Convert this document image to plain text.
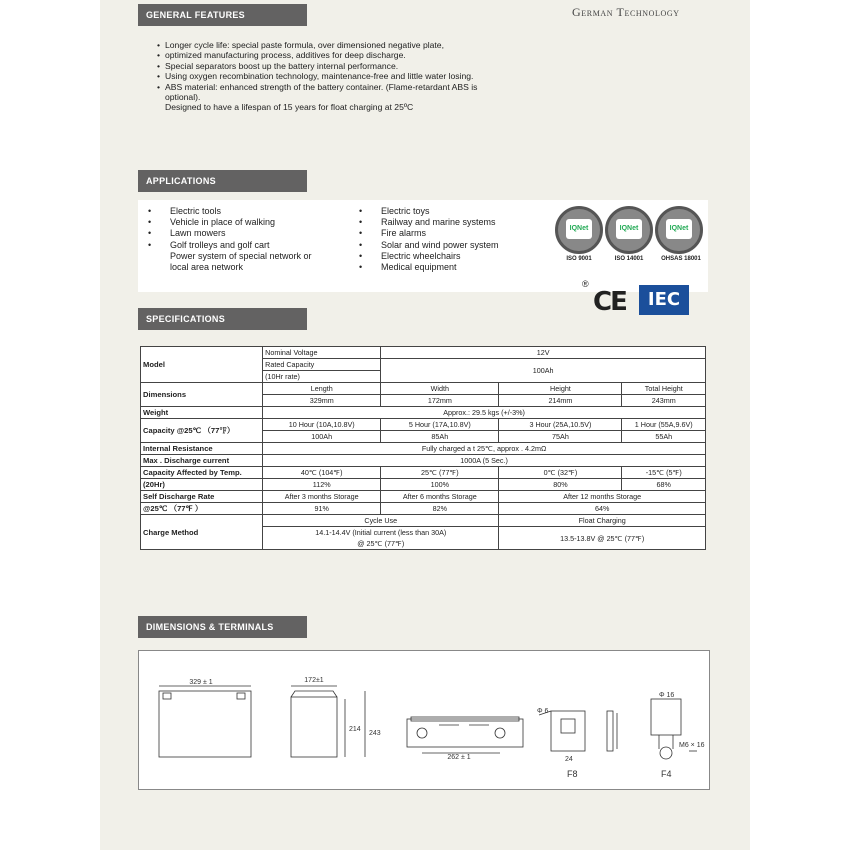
German Technology
GENERAL FEATURES
• Longer cycle life: special paste formula, over dimensioned negative plate,
• optimized manufacturing process, additives for deep discharge.
• Special separators boost up the battery internal performance.
• Using oxygen recombination technology, maintenance-free and little water losing.
• ABS material: enhanced strength of the battery container. (Flame-retardant ABS is
optional).
Designed to have a lifespan of 15 years for float charging at 25ºC
APPLICATIONS
• Electric tools
• Vehicle in place of walking
• Lawn mowers
• Golf trolleys and golf cart
Power system of special network or
local area network
• Electric toys
• Railway and marine systems
• Fire alarms
• Solar and wind power system
• Electric wheelchairs
• Medical equipment
IQNet	IQNet	IQNet
ISO 9001	ISO 14001	OHSAS 18001
®
CE	IEC
SPECIFICATIONS
Model	Nominal Voltage	12V		
	Rated Capacity	100Ah		
	(10Hr rate)			
Dimensions	Length	Width	Height	Total Height
	329mm	172mm	214mm	243mm
Weight	Approx.: 29.5 kgs (+/-3%)			
Capacity @25℃ （77℉）	10 Hour (10A,10.8V)	5 Hour (17A,10.8V)	3 Hour (25A,10.5V)	1 Hour (55A,9.6V)
	100Ah	85Ah	75Ah	55Ah
Internal Resistance	Fully charged a t 25℃, approx . 4.2mΩ			
Max . Discharge current	1000A (5 Sec.)			
Capacity Affected by Temp.	40℃ (104℉)	25℃ (77℉)	0℃ (32℉)	-15℃ (5℉)
(20Hr)	112%	100%	80%	68%
Self Discharge Rate	After 3 months Storage	After 6 months Storage	After 12 months Storage	
@25℃ （77℉ ）	91%	82%	64%	
Charge Method	Cycle Use		Float Charging	
	14.1-14.4V (Initial current (less than 30A)		13.5-13.8V @ 25℃ (77℉)	
	@ 25℃ (77℉)			
DIMENSIONS & TERMINALS
329 ± 1	172±1
214
243
262 ± 1
Φ 6
24
Φ 16
M6 × 16
F8	F4
